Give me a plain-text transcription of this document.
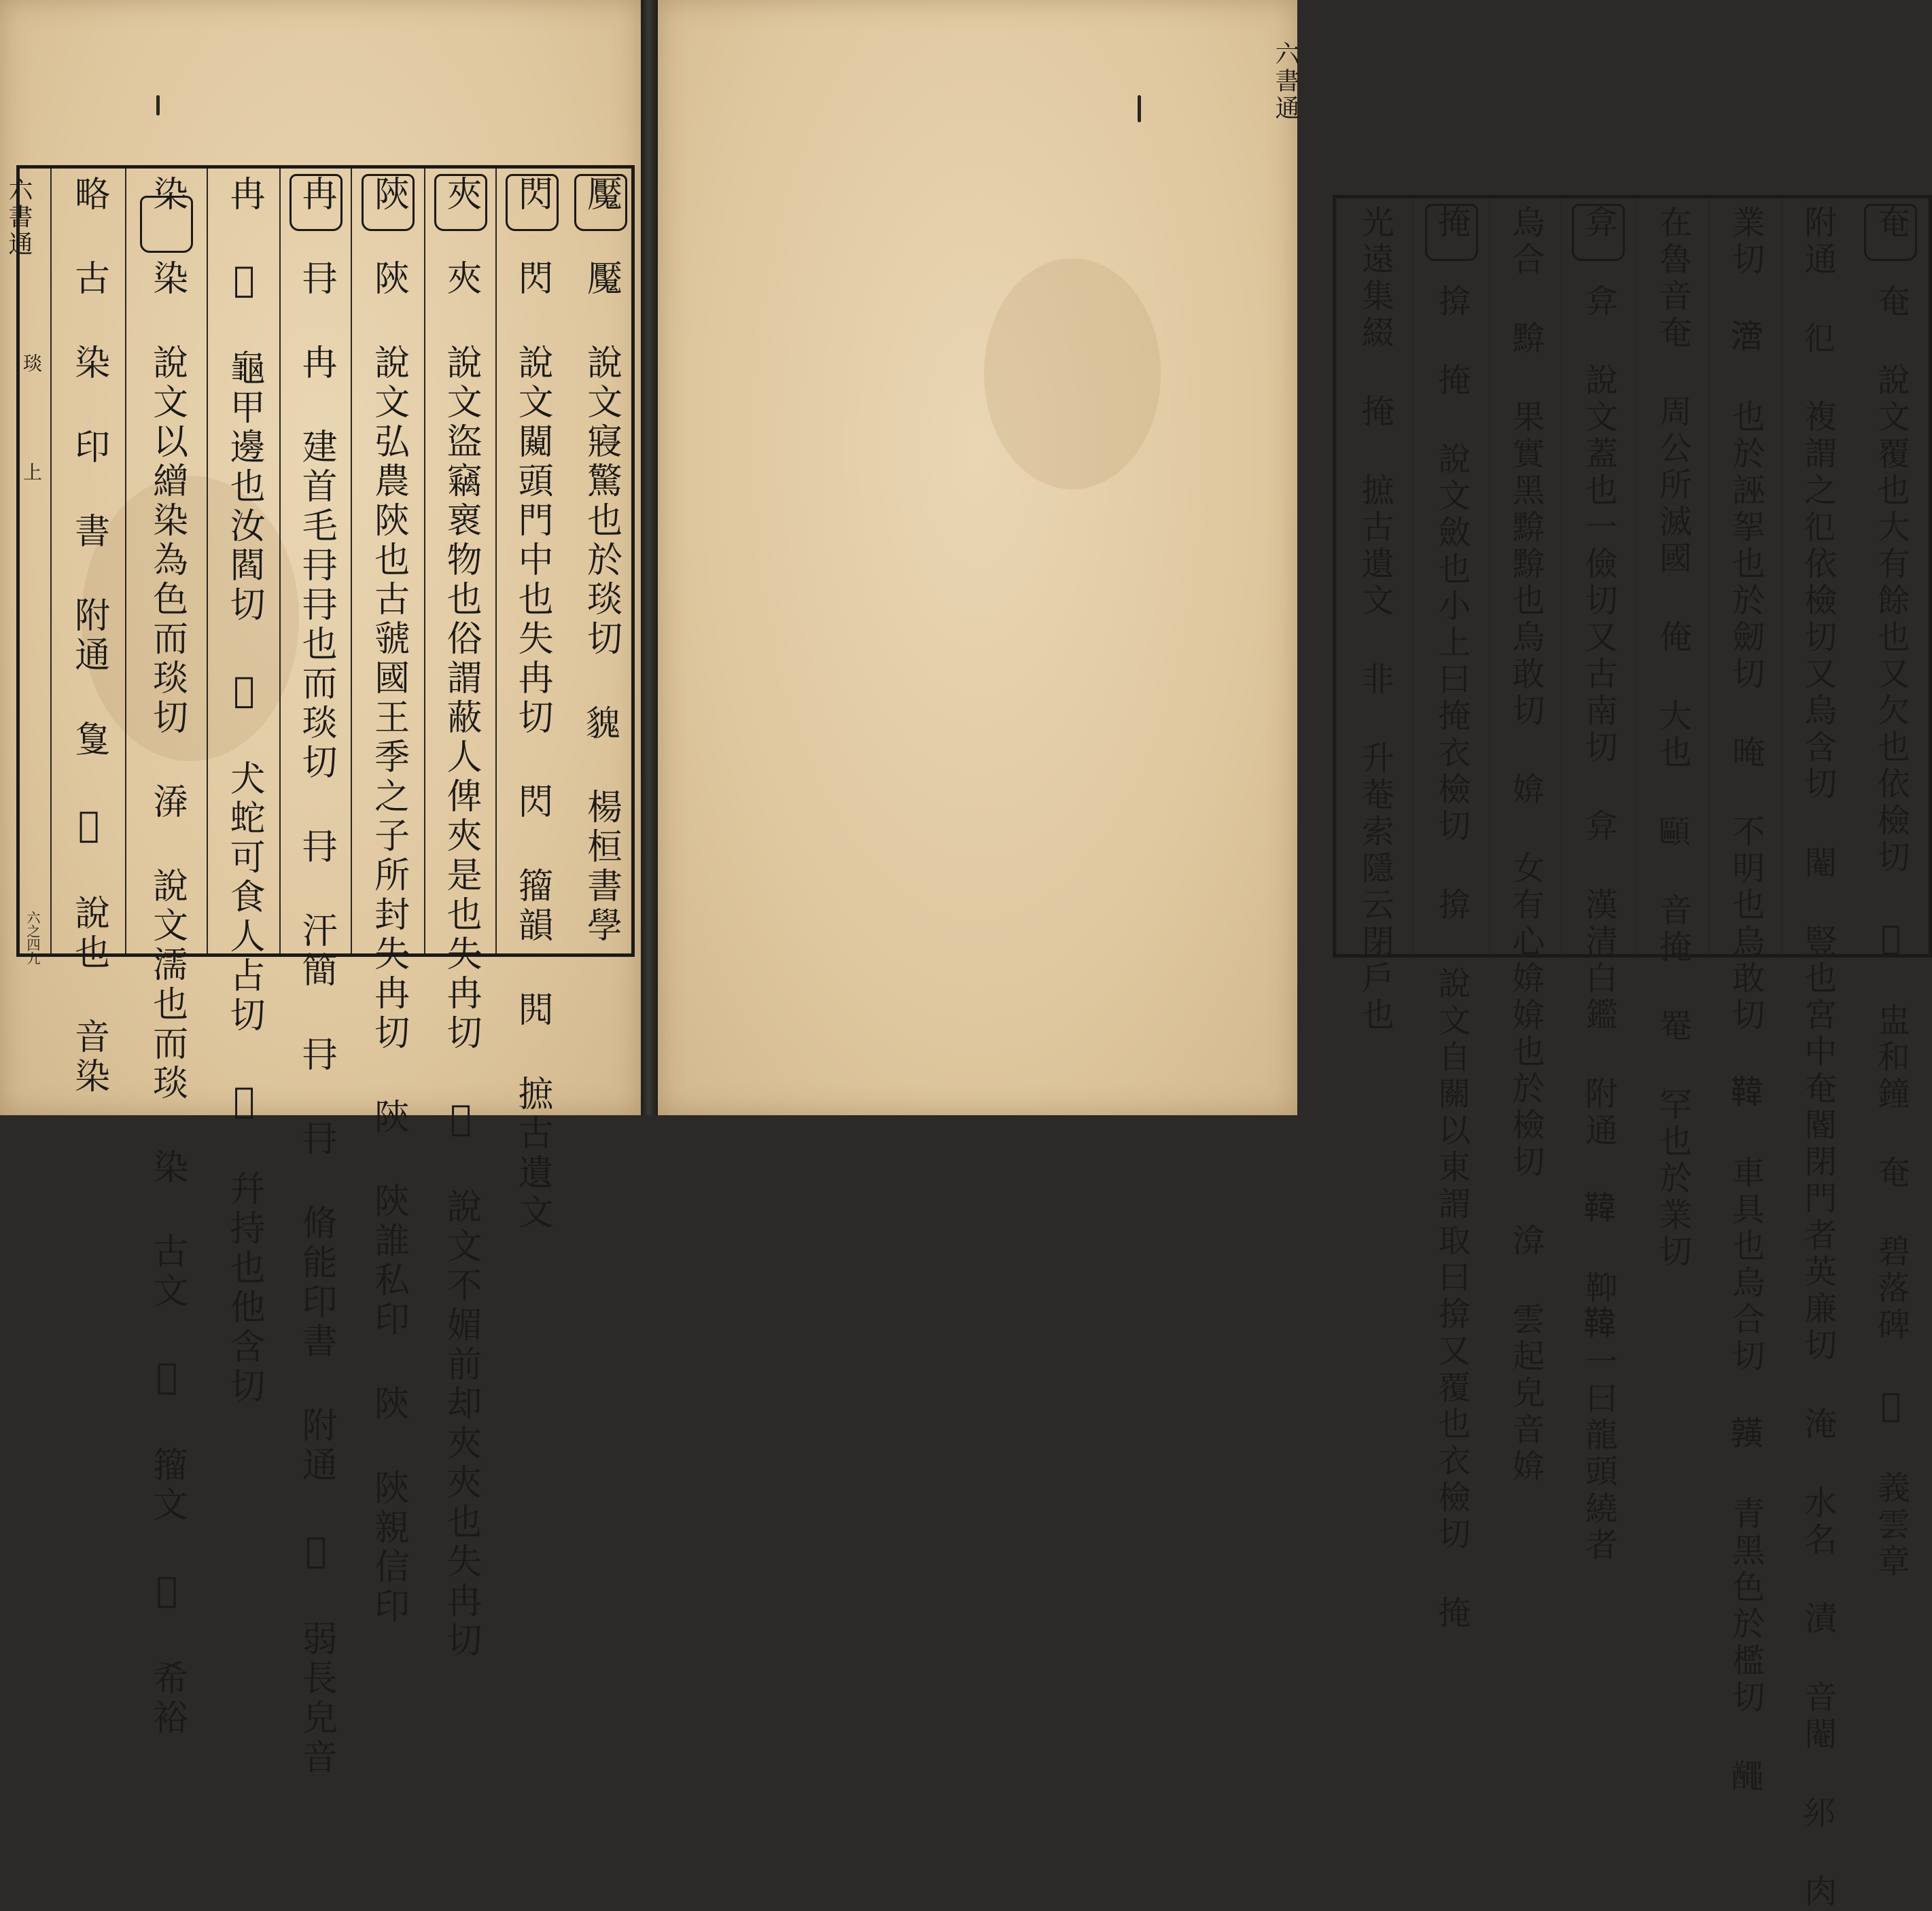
魘 魘 說文寢驚也於琰切 𩳏 楊桓書學
閃 閃 說文闚頭門中也失冉切 閃 籀韻 𨳊 摭古遺文
夾 夾 說文盜竊褱物也俗謂蔽人俾夾是也失冉切 𨴊 說文不媚前却夾夾也失冉切
陝 陝 說文弘農陝也古虢國王季之子所封失冉切 陝 陝誰私印 陝 陝親信印
冉 冄 冉 建首毛冄冄也而琰切 冄 汗簡 冄 冄 脩能印書 附通 𠕏 弱長皃音
冉 𪚴 龜甲邊也汝閻切 𤙔 犬蛇可食人占切 𦏁 幷持也他含切
染 染 說文以繒染為色而琰切 㴁 說文濡也而琰 染 古文 𣼣 籀文 𣿂 希裕
略 古 染 印 書 附通 𢿌 𠖡 說也 音染
六書通
琰
上
六之四九	奄 奄 說文覆也大有餘也又欠也依檢切 𡚶 盅和鐘 奄 碧落碑 𠆲 義雲章
附通 𢒿 複謂之𢒿依檢切又烏含切 閹 豎也宮中奄閽閉門者英廉切 淹 水名 漬 音閹 𨙵 肉
業切 𣾪 也於誣挐也於劒切 晻 不明也烏敢切 𩋾 車具也烏合切 𪏆 青黑色於檻切 𪓰
在魯音奄 周公所滅國 俺 大也 𩔸 音掩 罨 罕也於業切
弇 弇 說文蓋也一儉切又古南切 弇 漢清白鑑 附通 𩋾 䩕𩋾一曰龍頭繞者
烏合 黭 果實黑黭黭也烏敢切 媕 女有心媕媕也於檢切 渰 雲起皃音媕
掩 揜 掩 說文斂也小上曰掩衣檢切 揜 說文自關以東謂取曰揜又覆也衣檢切 掩
光遠集綴 掩 摭古遺文 非 升菴索隱云閉戶也
六書通
